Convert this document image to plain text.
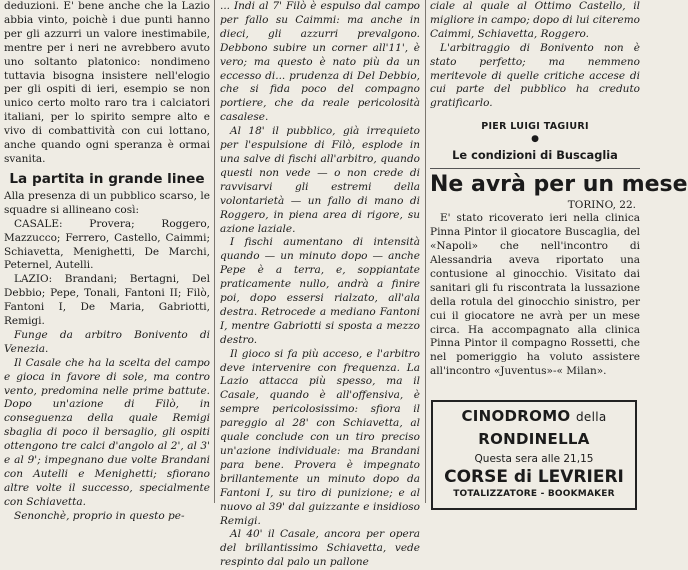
deduzioni. E' bene anche che la Lazio abbia vinto, poichè i due punti hanno per gli azzurri un valore inestimabile, mentre per i neri ne avrebbero avuto uno soltanto platonico: nondimeno tuttavia bisogna insistere nell'elogio per gli ospiti di ieri, esempio se non unico certo molto raro tra i calciatori italiani, per lo spirito sempre alto e vivo di combattività con cui lottano, anche quando ogni speranza è ormai svanita.

La partita in grande linee

Alla presenza di un pubblico scarso, le squadre si allineano così:

CASALE: Provera; Roggero, Mazzucco; Ferrero, Castello, Caimmi; Schiavetta, Menighetti, De Marchi, Peternel, Autelli.

LAZIO: Brandani; Bertagni, Del Debbio; Pepe, Tonali, Fantoni II; Filò, Fantoni I, De Maria, Gabriotti, Remigi.

Funge da arbitro Bonivento di Venezia.

Il Casale che ha la scelta del campo e gioca in favore di sole, ma contro vento, predomina nelle prime battute. Dopo un'azione di Filò, in conseguenza della quale Remigi sbaglia di poco il bersaglio, gli ospiti ottengono tre calci d'angolo al 2', al 3' e al 9'; impegnano due volte Brandani con Autelli e Menighetti; sfiorano altre volte il successo, specialmente con Schiavetta.

Senonchè, proprio in questo pe-

... Indi al 7' Filò è espulso dal campo per fallo su Caimmi: ma anche in dieci, gli azzurri prevalgono. Debbono subire un corner all'11', è vero; ma questo è nato più da un eccesso di... prudenza di Del Debbio, che si fida poco del compagno portiere, che da reale pericolosità casalese.

Al 18' il pubblico, già irrequieto per l'espulsione di Filò, esplode in una salve di fischi all'arbitro, quando questi non vede — o non crede di ravvisarvi gli estremi della volontarietà — un fallo di mano di Roggero, in piena area di rigore, su azione laziale.

I fischi aumentano di intensità quando — un minuto dopo — anche Pepe è a terra, e, soppiantate praticamente nullo, andrà a finire poi, dopo essersi rialzato, all'ala destra. Retrocede a mediano Fantoni I, mentre Gabriotti si sposta a mezzo destro.

Il gioco si fa più acceso, e l'arbitro deve intervenire con frequenza. La Lazio attacca più spesso, ma il Casale, quando è all'offensiva, è sempre pericolosissimo: sfiora il pareggio al 28' con Schiavetta, al quale conclude con un tiro preciso un'azione individuale: ma Brandani para bene. Provera è impegnato brillantemente un minuto dopo da Fantoni I, su tiro di punizione; e al nuovo al 39' dal guizzante e insidioso Remigi.

Al 40' il Casale, ancora per opera del brillantissimo Schiavetta, vede respinto dal palo un pallone

ciale al quale al Ottimo Castello, il migliore in campo; dopo di lui citeremo Caimmi, Schiavetta, Roggero.

L'arbitraggio di Bonivento non è stato perfetto; ma nemmeno meritevole di quelle critiche accese di cui parte del pubblico ha creduto gratificarlo.

PIER LUIGI TAGIURI
●
Le condizioni di Buscaglia
Ne avrà per un mese
TORINO, 22.

E' stato ricoverato ieri nella clinica Pinna Pintor il giocatore Buscaglia, del «Napoli» che nell'incontro di Alessandria aveva riportato una contusione al ginocchio. Visitato dai sanitari gli fu riscontrata la lussazione della rotula del ginocchio sinistro, per cui il giocatore ne avrà per un mese circa. Ha accompagnato alla clinica Pinna Pintor il compagno Rossetti, che nel pomeriggio ha voluto assistere all'incontro «Juventus»-« Milan».

CINODROMO della RONDINELLA
Questa sera alle 21,15
CORSE di LEVRIERI
TOTALIZZATORE - BOOKMAKER
